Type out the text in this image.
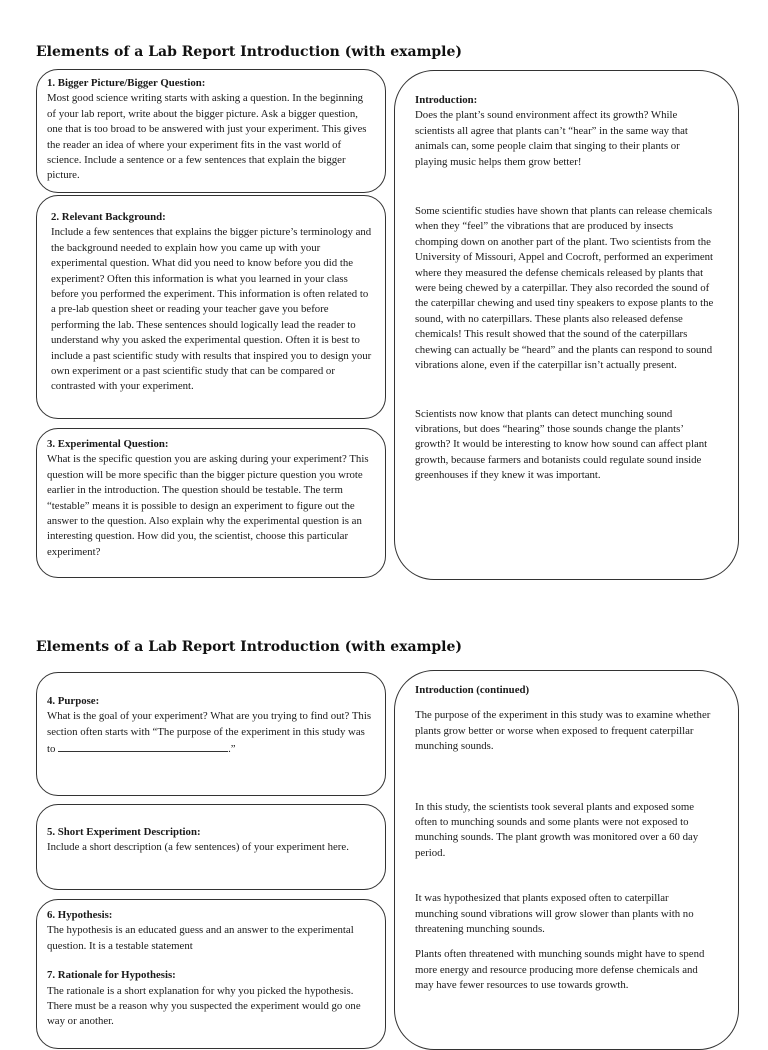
Elements of a Lab Report Introduction (with example)
1. Bigger Picture/Bigger Question:

Most good science writing starts with asking a question. In the beginning of your lab report, write about the bigger picture. Ask a bigger question, one that is too broad to be answered with just your experiment. This gives the reader an idea of where your experiment fits in the vast world of science. Include a sentence or a few sentences that explain the bigger picture.

2. Relevant Background:

Include a few sentences that explains the bigger picture’s terminology and the background needed to explain how you came up with your experimental question. What did you need to know before you did the experiment? Often this information is what you learned in your class before you performed the experiment. This information is often related to a pre-lab question sheet or reading your teacher gave you before performing the lab. These sentences should logically lead the reader to understand why you asked the experimental question. Often it is best to include a past scientific study with results that inspired you to design your own experiment or a past scientific study that can be compared or contrasted with your experiment.

3. Experimental Question:

What is the specific question you are asking during your experiment? This question will be more specific than the bigger picture question you wrote earlier in the introduction. The question should be testable. The term “testable” means it is possible to design an experiment to figure out the answer to the question. Also explain why the experimental question is an interesting question. How did you, the scientist, choose this particular experiment?

Introduction:

Does the plant’s sound environment affect its growth? While scientists all agree that plants can’t “hear” in the same way that animals can, some people claim that singing to their plants or playing music helps them grow better!

Some scientific studies have shown that plants can release chemicals when they “feel” the vibrations that are produced by insects chomping down on another part of the plant. Two scientists from the University of Missouri, Appel and Cocroft, performed an experiment where they measured the defense chemicals released by plants that were being chewed by a caterpillar. They also recorded the sound of the caterpillar chewing and used tiny speakers to expose plants to the sound, with no caterpillars. These plants also released defense chemicals! This result showed that the sound of the caterpillars chewing can actually be “heard” and the plants can respond to sound vibrations alone, even if the caterpillar isn’t actually present.

Scientists now know that plants can detect munching sound vibrations, but does “hearing” those sounds change the plants’ growth? It would be interesting to know how sound can affect plant growth, because farmers and botanists could regulate sound inside greenhouses if they knew it was important.

Elements of a Lab Report Introduction (with example)
4. Purpose:

What is the goal of your experiment? What are you trying to find out? This section often starts with “The purpose of the experiment in this study was to	.”

5. Short Experiment Description:

Include a short description (a few sentences) of your experiment here.

6. Hypothesis:

The hypothesis is an educated guess and an answer to the experimental question. It is a testable statement

7. Rationale for Hypothesis:

The rationale is a short explanation for why you picked the hypothesis. There must be a reason why you suspected the experiment would go one way or another.

Introduction (continued)

The purpose of the experiment in this study was to examine whether plants grow better or worse when exposed to frequent caterpillar munching sounds.

In this study, the scientists took several plants and exposed some often to munching sounds and some plants were not exposed to munching sounds. The plant growth was monitored over a 60 day period.

It was hypothesized that plants exposed often to caterpillar munching sound vibrations will grow slower than plants with no threatening munching sounds.

Plants often threatened with munching sounds might have to spend more energy and resource producing more defense chemicals and may have fewer resources to use towards growth.
